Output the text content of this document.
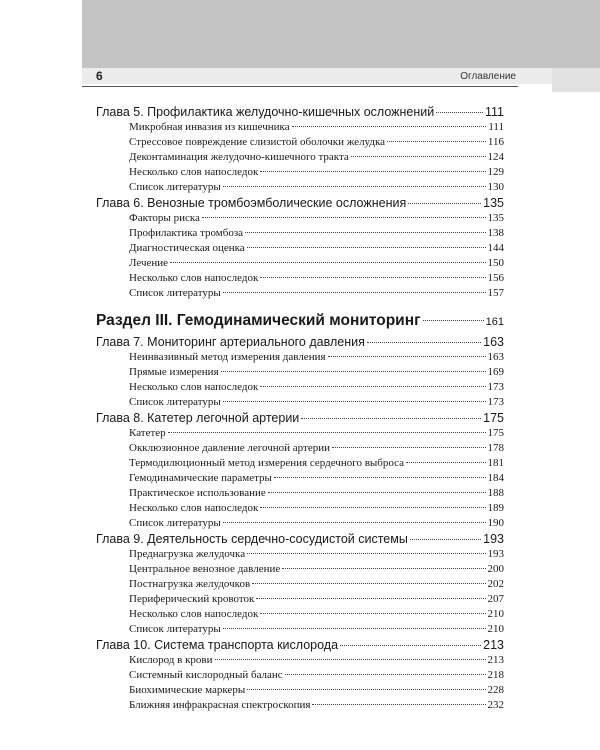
6	Оглавление
Глава 5. Профилактика желудочно-кишечных осложнений	111
Микробная инвазия из кишечника	111
Стрессовое повреждение слизистой оболочки желудка	116
Деконтаминация желудочно-кишечного тракта	124
Несколько слов напоследок	129
Список литературы	130
Глава 6. Венозные тромбоэмболические осложнения	135
Факторы риска	135
Профилактика тромбоза	138
Диагностическая оценка	144
Лечение	150
Несколько слов напоследок	156
Список литературы	157
Раздел III. Гемодинамический мониторинг	161
Глава 7. Мониторинг артериального давления	163
Неинвазивный метод измерения давления	163
Прямые измерения	169
Несколько слов напоследок	173
Список литературы	173
Глава 8. Катетер легочной артерии	175
Катетер	175
Окклюзионное давление легочной артерии	178
Термодилюционный метод измерения сердечного выброса	181
Гемодинамические параметры	184
Практическое использование	188
Несколько слов напоследок	189
Список литературы	190
Глава 9. Деятельность сердечно-сосудистой системы	193
Преднагрузка желудочка	193
Центральное венозное давление	200
Постнагрузка желудочков	202
Периферический кровоток	207
Несколько слов напоследок	210
Список литературы	210
Глава 10. Система транспорта кислорода	213
Кислород в крови	213
Системный кислородный баланс	218
Биохимические маркеры	228
Ближняя инфракрасная спектроскопия	232
